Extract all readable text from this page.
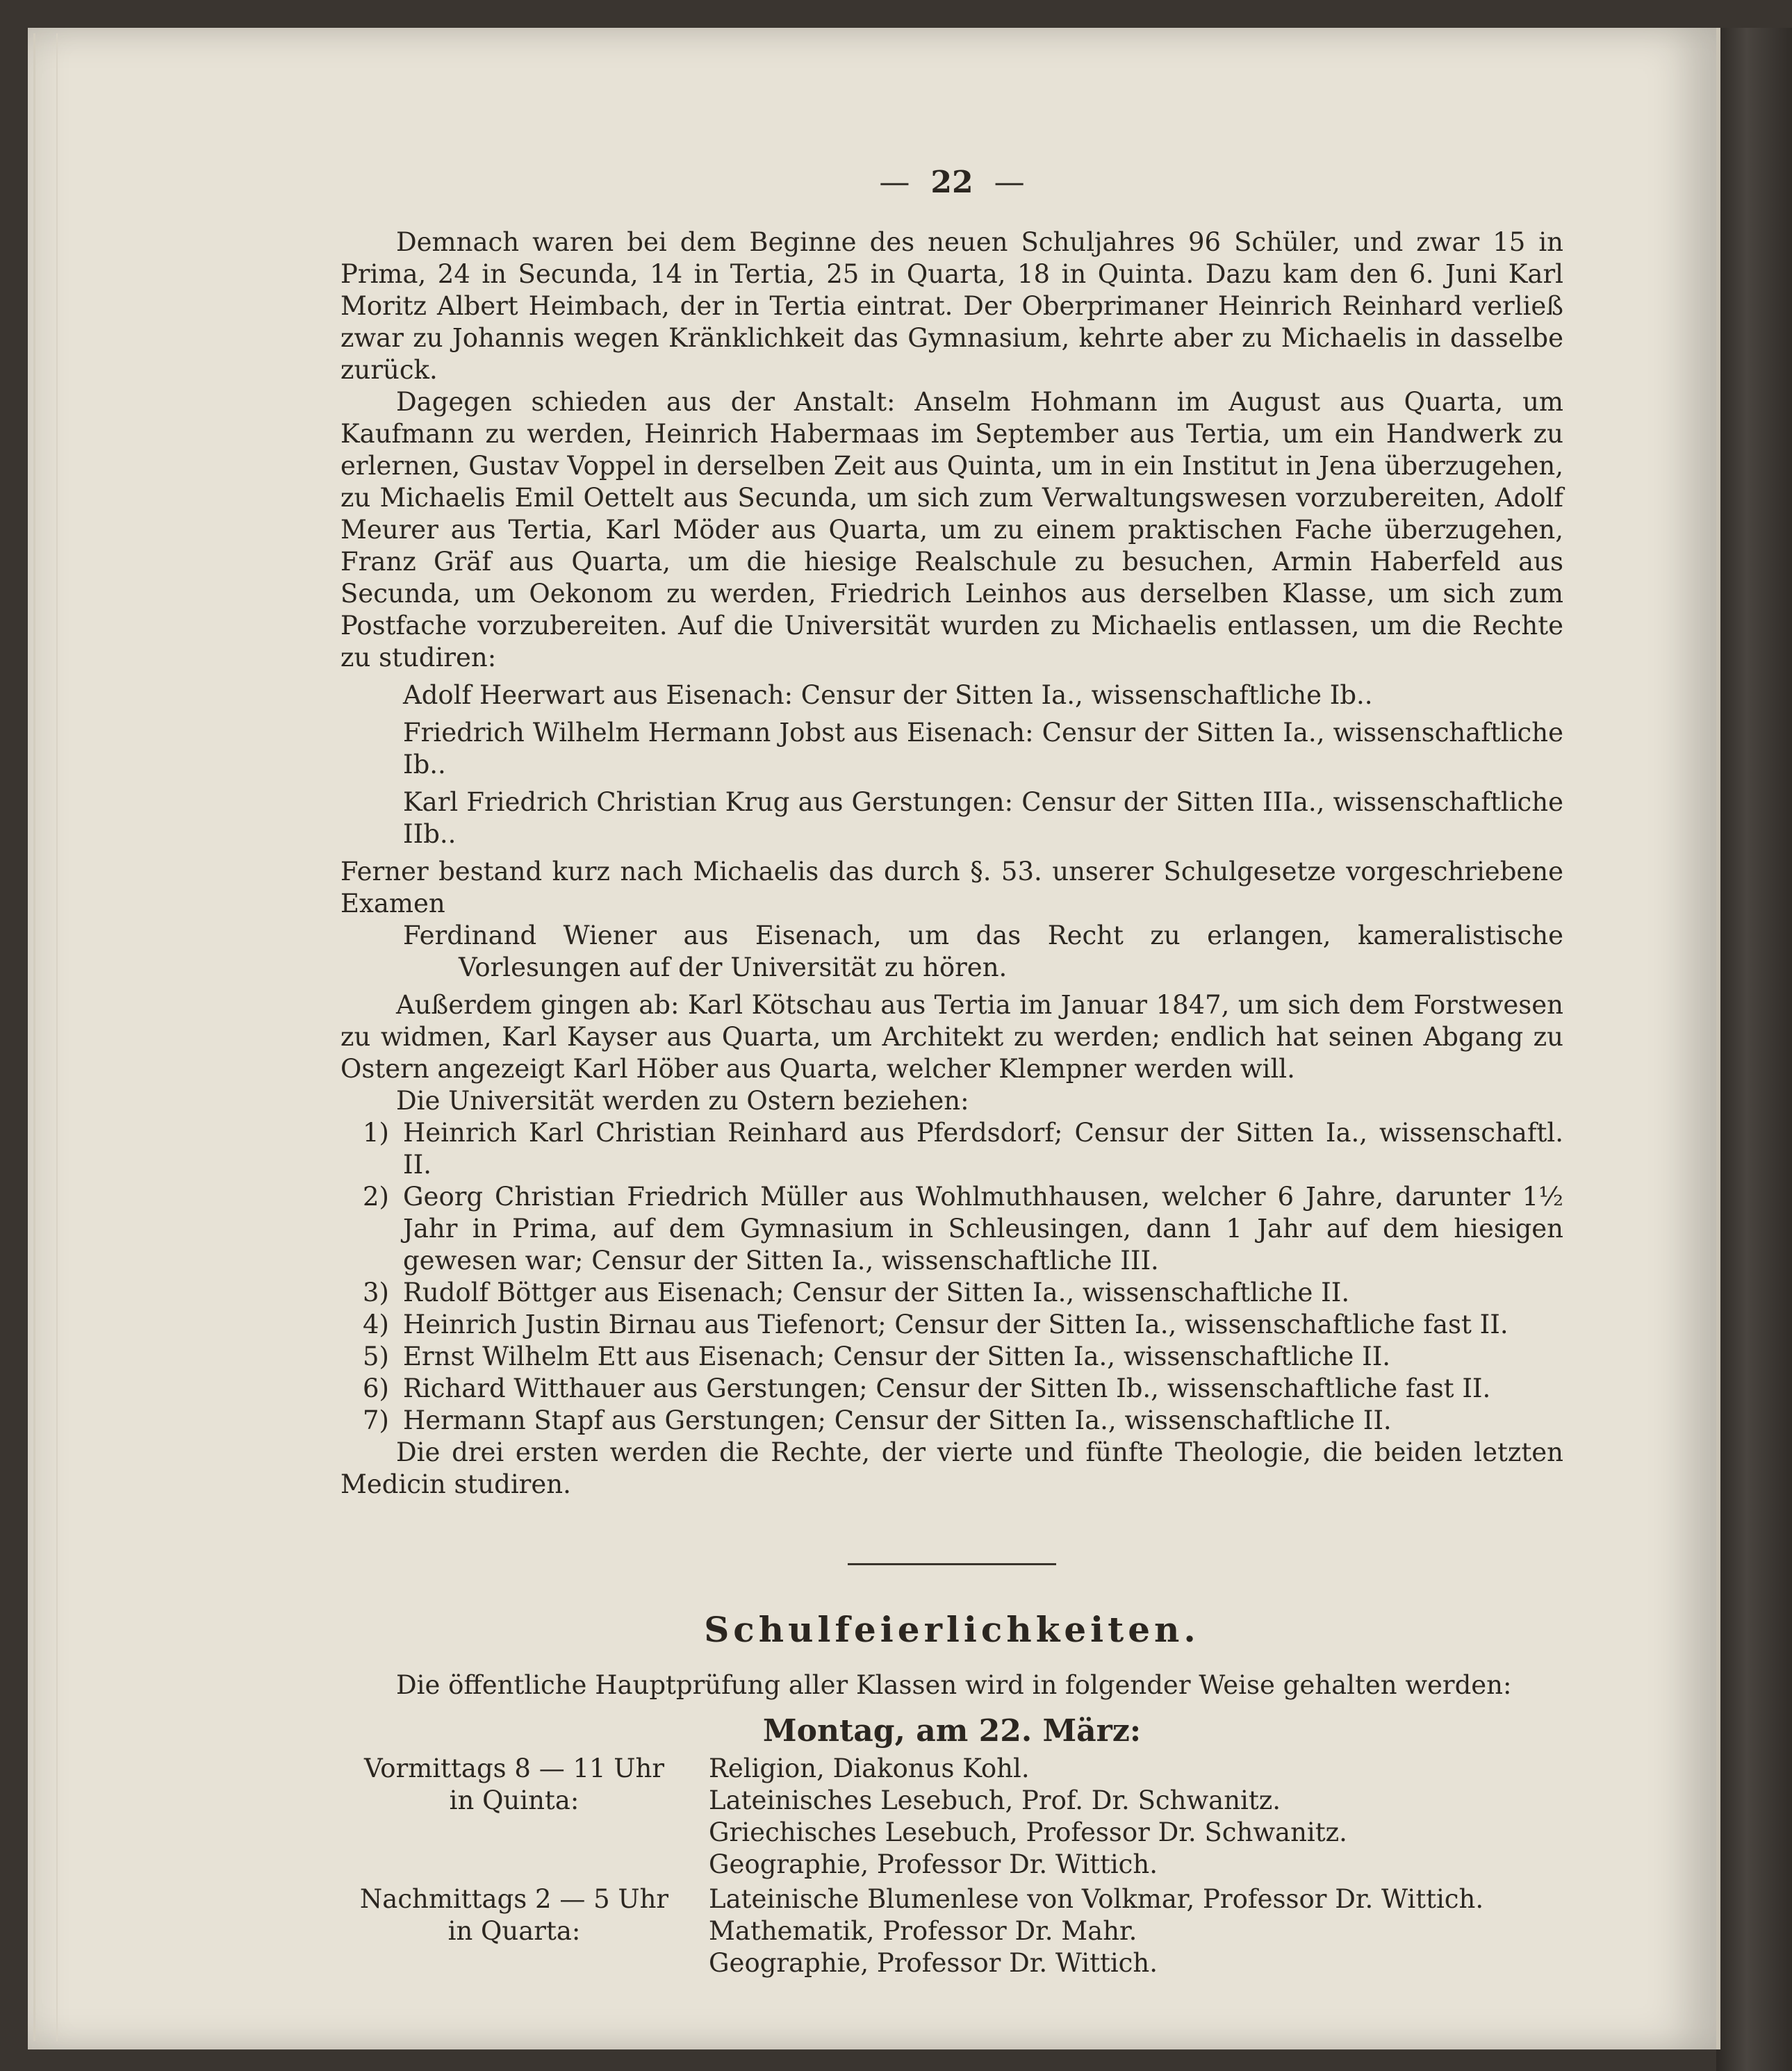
— 22 —

Demnach waren bei dem Beginne des neuen Schuljahres 96 Schüler, und zwar 15 in Prima, 24 in Secunda, 14 in Tertia, 25 in Quarta, 18 in Quinta. Dazu kam den 6. Juni Karl Moritz Albert Heimbach, der in Tertia eintrat. Der Oberprimaner Heinrich Reinhard verließ zwar zu Johannis wegen Kränklichkeit das Gymnasium, kehrte aber zu Michaelis in dasselbe zurück.

Dagegen schieden aus der Anstalt: Anselm Hohmann im August aus Quarta, um Kaufmann zu werden, Heinrich Habermaas im September aus Tertia, um ein Handwerk zu erlernen, Gustav Voppel in derselben Zeit aus Quinta, um in ein Institut in Jena überzugehen, zu Michaelis Emil Oettelt aus Secunda, um sich zum Verwaltungswesen vorzubereiten, Adolf Meurer aus Tertia, Karl Möder aus Quarta, um zu einem praktischen Fache überzugehen, Franz Gräf aus Quarta, um die hiesige Realschule zu besuchen, Armin Haberfeld aus Secunda, um Oekonom zu werden, Friedrich Leinhos aus derselben Klasse, um sich zum Postfache vorzubereiten. Auf die Universität wurden zu Michaelis entlassen, um die Rechte zu studiren:

Adolf Heerwart aus Eisenach: Censur der Sitten Ia., wissenschaftliche Ib..

Friedrich Wilhelm Hermann Jobst aus Eisenach: Censur der Sitten Ia., wissenschaftliche Ib..

Karl Friedrich Christian Krug aus Gerstungen: Censur der Sitten IIIa., wissenschaftliche IIb..

Ferner bestand kurz nach Michaelis das durch §. 53. unserer Schulgesetze vorgeschriebene Examen

Ferdinand Wiener aus Eisenach, um das Recht zu erlangen, kameralistische Vorlesungen auf der Universität zu hören.

Außerdem gingen ab: Karl Kötschau aus Tertia im Januar 1847, um sich dem Forstwesen zu widmen, Karl Kayser aus Quarta, um Architekt zu werden; endlich hat seinen Abgang zu Ostern angezeigt Karl Höber aus Quarta, welcher Klempner werden will.

Die Universität werden zu Ostern beziehen:

1) Heinrich Karl Christian Reinhard aus Pferdsdorf; Censur der Sitten Ia., wissenschaftl. II.
2) Georg Christian Friedrich Müller aus Wohlmuthhausen, welcher 6 Jahre, darunter 1½ Jahr in Prima, auf dem Gymnasium in Schleusingen, dann 1 Jahr auf dem hiesigen gewesen war; Censur der Sitten Ia., wissenschaftliche III.
3) Rudolf Böttger aus Eisenach; Censur der Sitten Ia., wissenschaftliche II.
4) Heinrich Justin Birnau aus Tiefenort; Censur der Sitten Ia., wissenschaftliche fast II.
5) Ernst Wilhelm Ett aus Eisenach; Censur der Sitten Ia., wissenschaftliche II.
6) Richard Witthauer aus Gerstungen; Censur der Sitten Ib., wissenschaftliche fast II.
7) Hermann Stapf aus Gerstungen; Censur der Sitten Ia., wissenschaftliche II.

Die drei ersten werden die Rechte, der vierte und fünfte Theologie, die beiden letzten Medicin studiren.

Schulfeierlichkeiten.

Die öffentliche Hauptprüfung aller Klassen wird in folgender Weise gehalten werden:

Montag, am 22. März:
Vormittags 8 — 11 Uhr
in Quinta:
Religion, Diakonus Kohl.
Lateinisches Lesebuch, Prof. Dr. Schwanitz.
Griechisches Lesebuch, Professor Dr. Schwanitz.
Geographie, Professor Dr. Wittich.
Nachmittags 2 — 5 Uhr
in Quarta:
Lateinische Blumenlese von Volkmar, Professor Dr. Wittich.
Mathematik, Professor Dr. Mahr.
Geographie, Professor Dr. Wittich.
